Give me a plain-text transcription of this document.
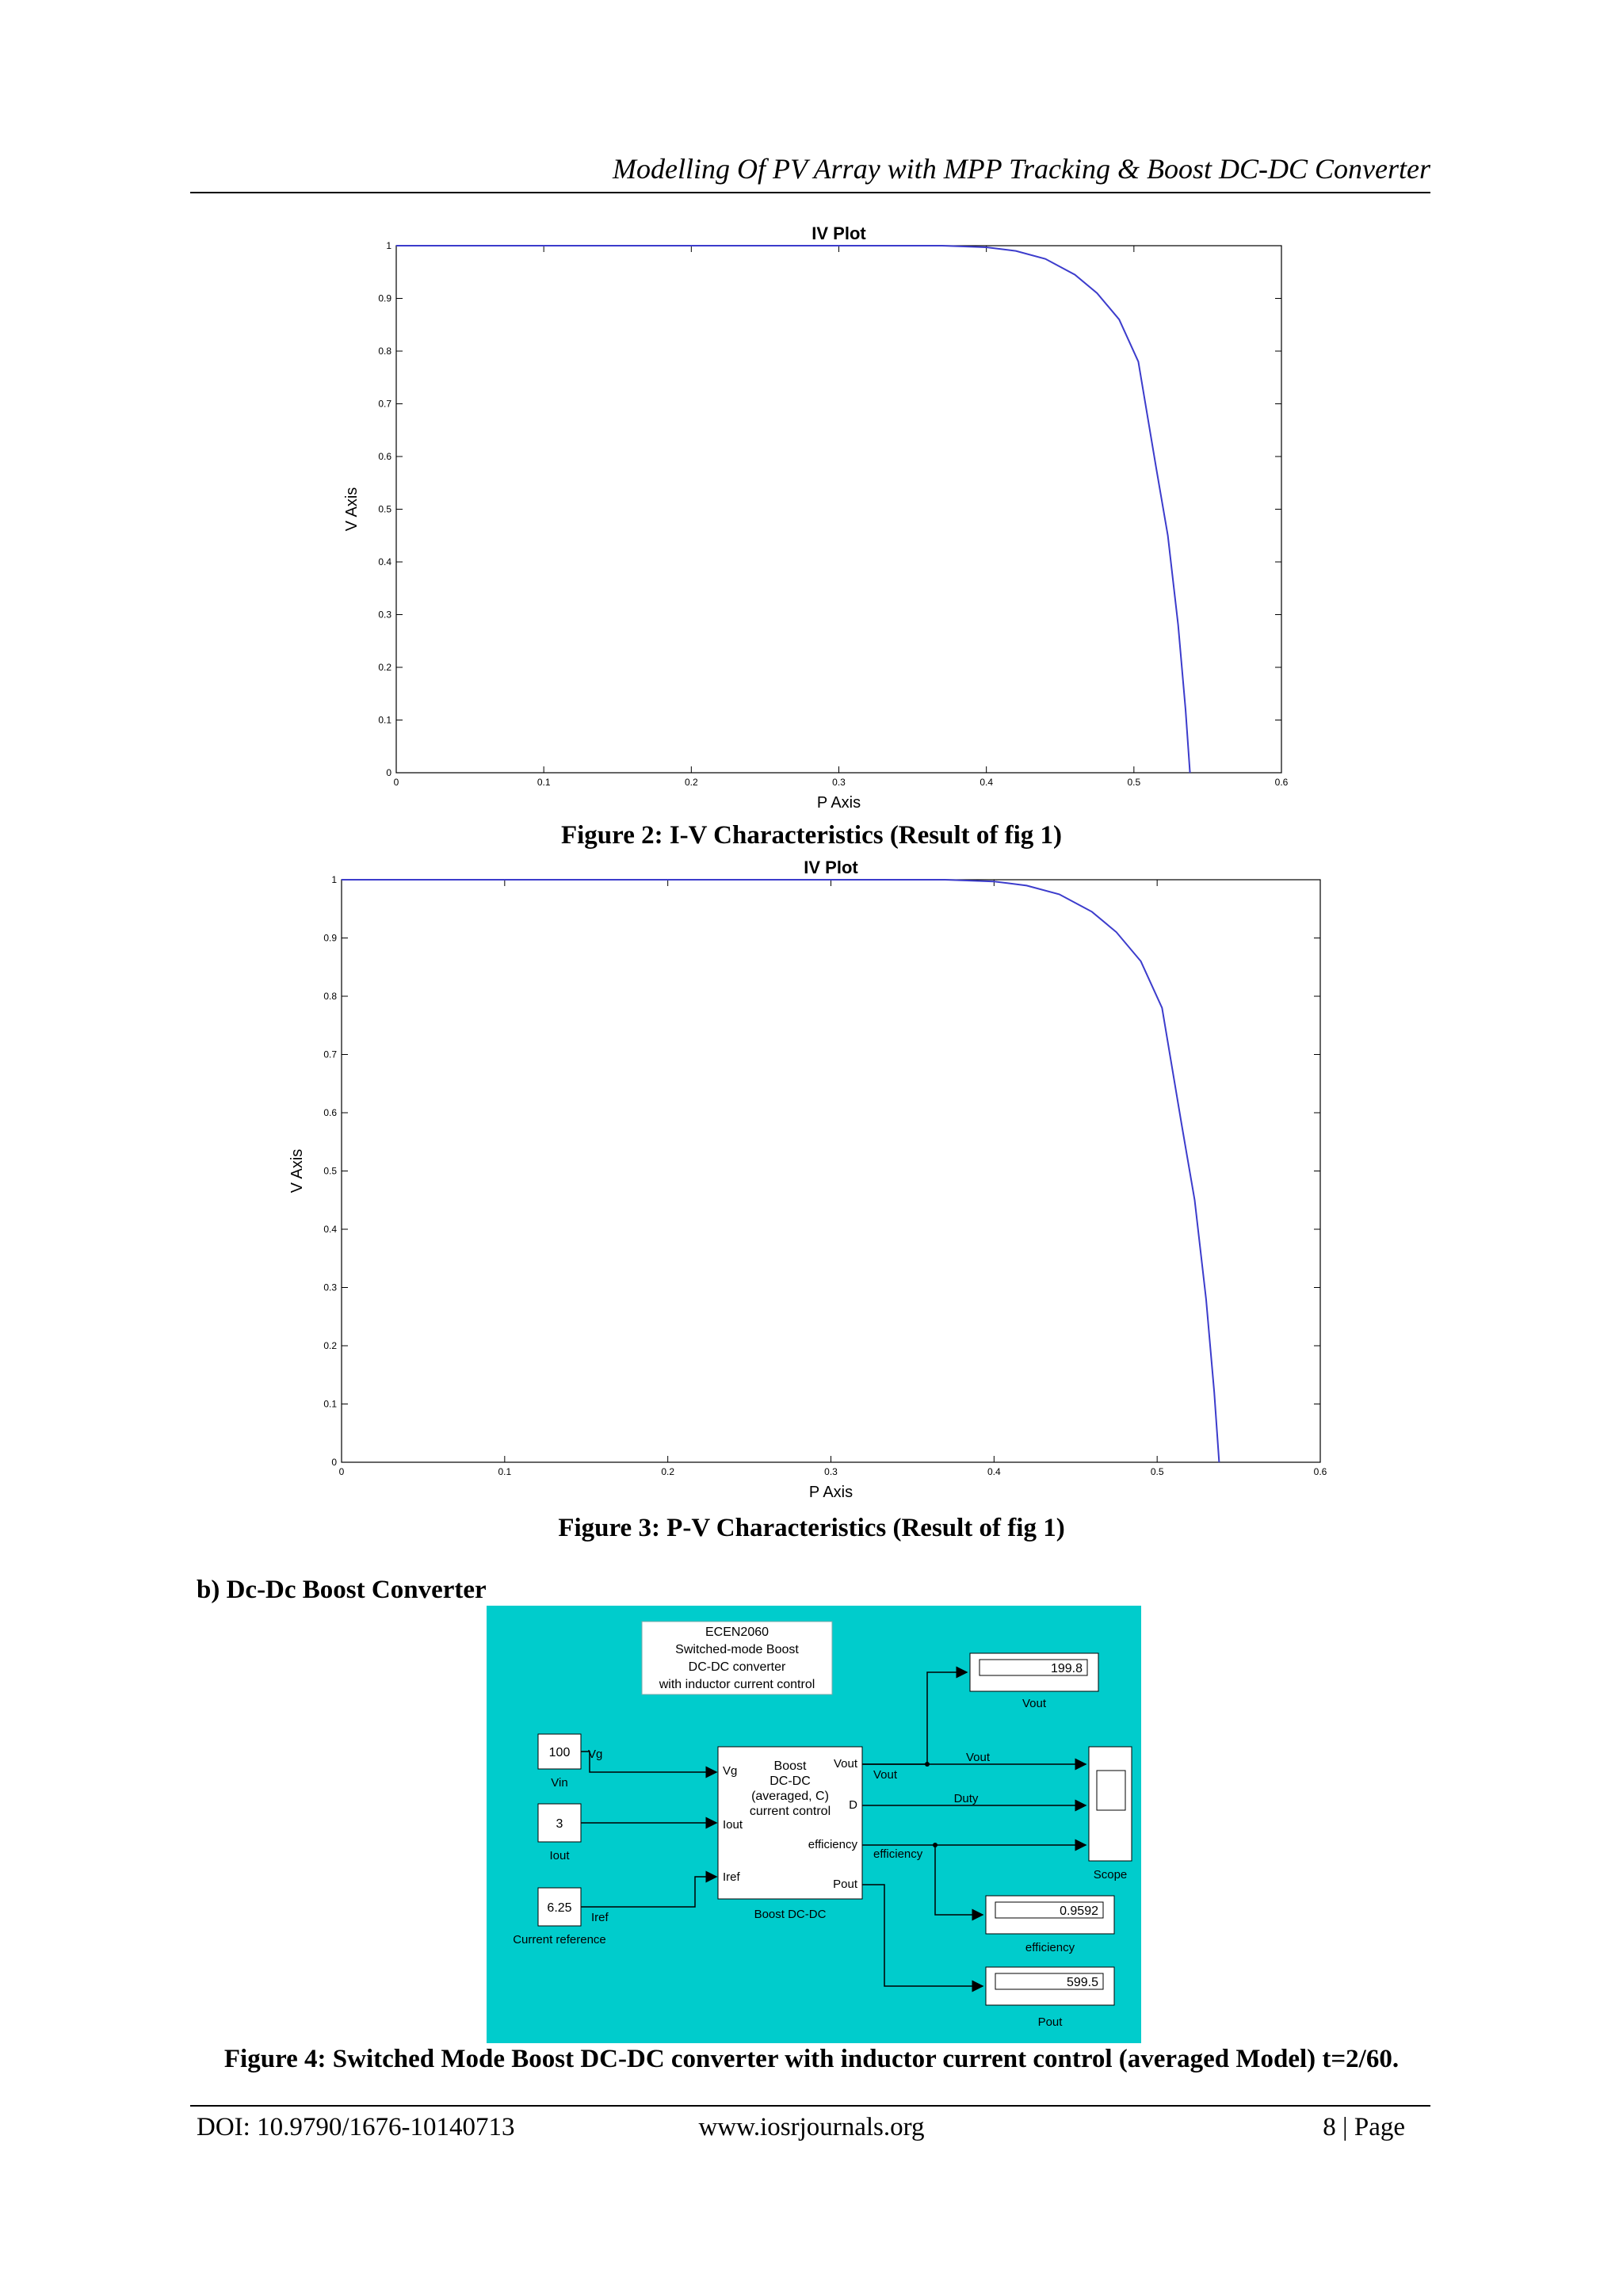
Modelling Of PV Array with MPP Tracking & Boost DC-DC Converter
0	0.1	0.2	0.3	0.4	0.5	0.6
0
0.1
0.2
0.3
0.4
0.5
0.6
0.7
0.8
0.9
1
IV Plot
P Axis
V Axis
Figure 2: I-V Characteristics (Result of fig 1)
0	0.1	0.2	0.3	0.4	0.5	0.6
0
0.1
0.2
0.3
0.4
0.5
0.6
0.7
0.8
0.9
1
IV Plot
P Axis
V Axis
Figure 3: P-V Characteristics (Result of fig 1)
b) Dc-Dc Boost Converter
ECEN2060
Switched-mode Boost
DC-DC converter
with inductor current control
100 Vg
Vin
3
Iout
6.25
Iref
Current reference
Boost
DC-DC
(averaged, C)
current control
Vg
Iout
Iref
Vout
D
efficiency
Pout
Boost DC-DC
Vout
Vout
Duty
efficiency
199.8
Vout
0.9592
efficiency
599.5
Pout
Scope
Figure 4: Switched Mode Boost DC-DC converter with inductor current control (averaged Model) t=2/60.
DOI: 10.9790/1676-10140713	www.iosrjournals.org	8 | Page
